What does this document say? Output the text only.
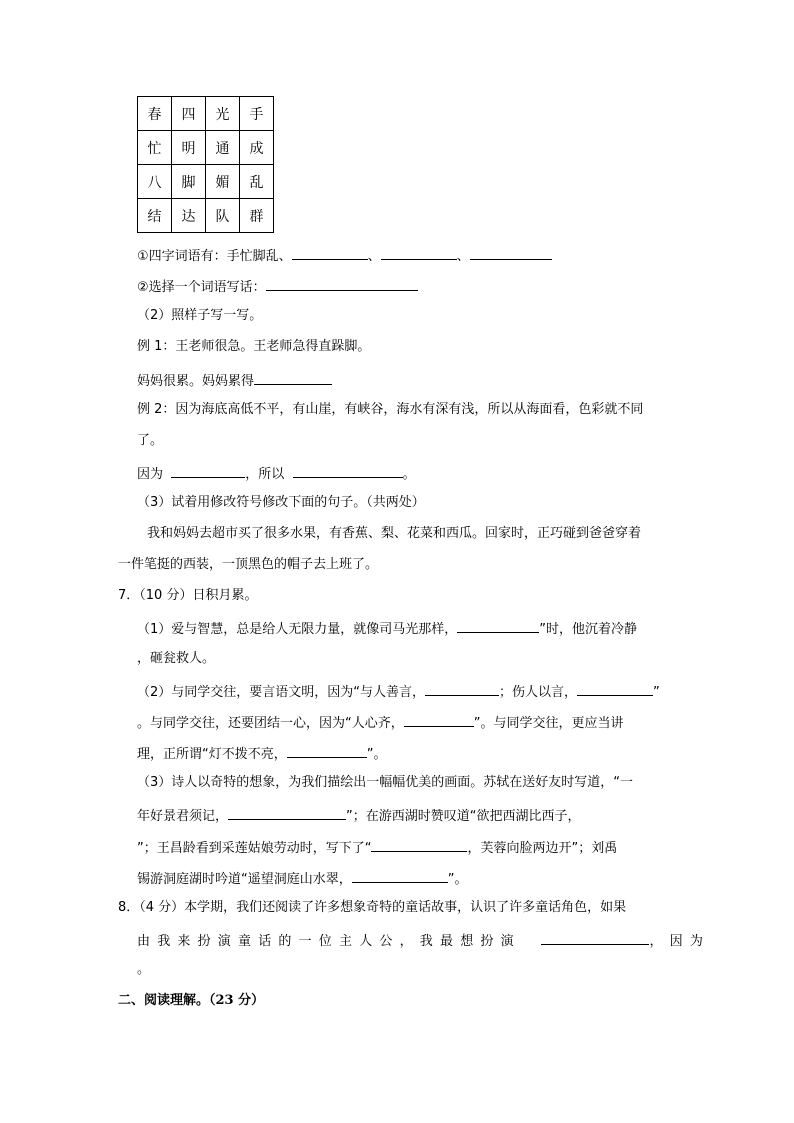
春	四	光	手
忙	明	通	成
八	脚	媚	乱
结	达	队	群
①四字词语有：手忙脚乱、	、	、
②选择一个词语写话：
（2）照样子写一写。
例 1：王老师很急。王老师急得直跺脚。
妈妈很累。妈妈累得
例 2：因为海底高低不平，有山崖，有峡谷，海水有深有浅，所以从海面看，色彩就不同
了。
因为	，所以	。
（3）试着用修改符号修改下面的句子。（共两处）
我和妈妈去超市买了很多水果，有香蕉、梨、花菜和西瓜。回家时，正巧碰到爸爸穿着
一件笔挺的西装，一顶黑色的帽子去上班了。
7．（10 分）日积月累。
（1）爱与智慧，总是给人无限力量，就像司马光那样，	”时，他沉着冷静
，砸瓮救人。
（2）与同学交往，要言语文明，因为“与人善言，	；伤人以言，	”
。与同学交往，还要团结一心，因为“人心齐，	”。与同学交往，更应当讲
理，正所谓“灯不拨不亮，	”。
（3）诗人以奇特的想象，为我们描绘出一幅幅优美的画面。苏轼在送好友时写道，“一
年好景君须记，	”；在游西湖时赞叹道“欲把西湖比西子，
”；王昌龄看到采莲姑娘劳动时，写下了“	，芙蓉向脸两边开”；刘禹
锡游洞庭湖时吟道“遥望洞庭山水翠，	”。
8．（4 分）本学期，我们还阅读了许多想象奇特的童话故事，认识了许多童话角色，如果
由我来扮演童话的一位主人公，我最想扮演	，因为
。
二、阅读理解。（23 分）
